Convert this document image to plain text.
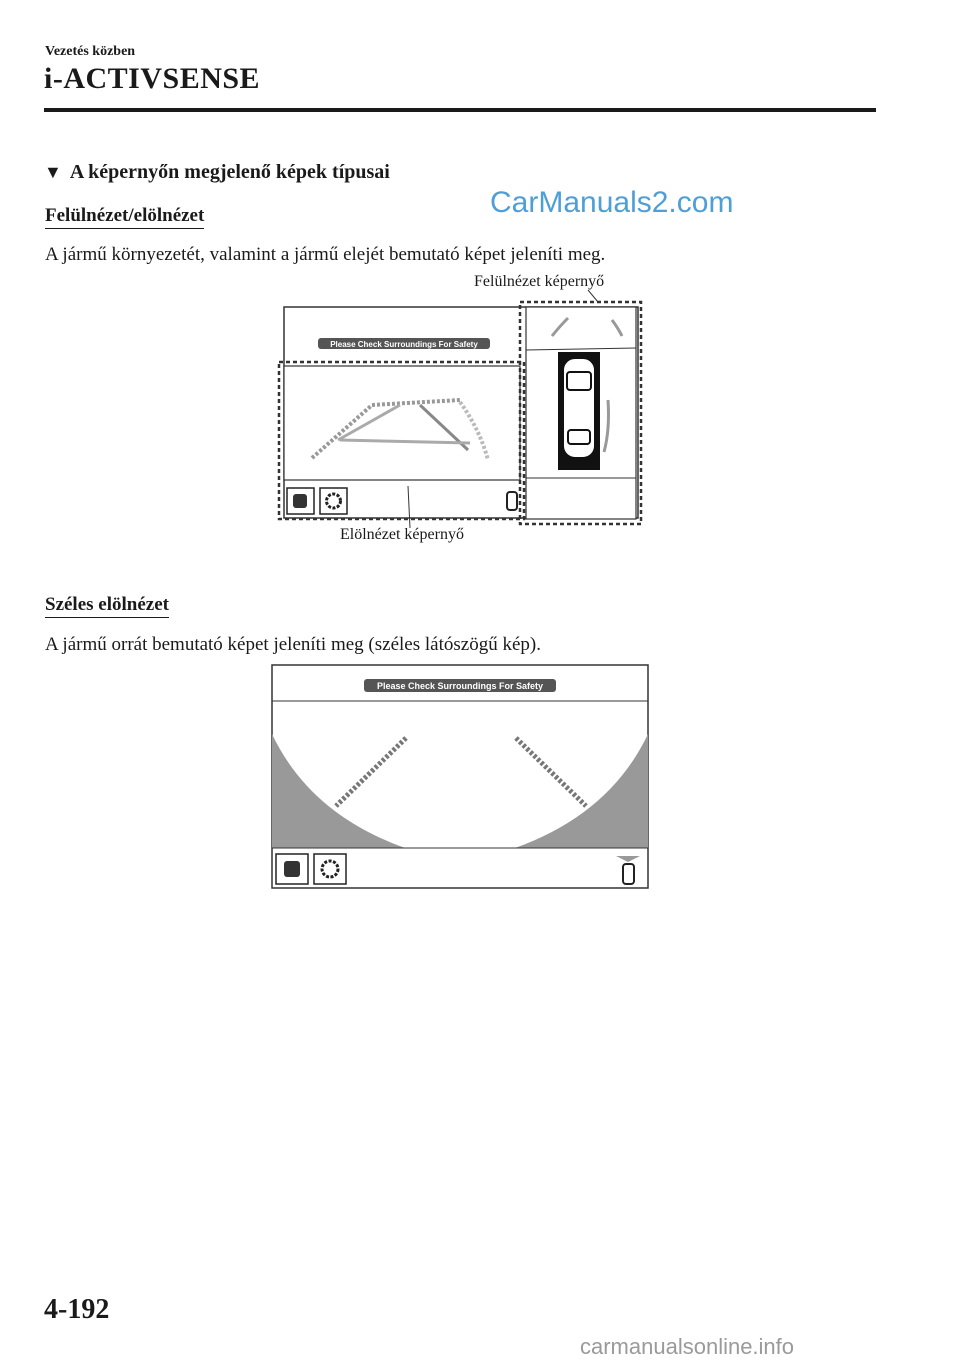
Vezetés közben
i-ACTIVSENSE
▼ A képernyőn megjelenő képek típusai
CarManuals2.com
Felülnézet/elölnézet
A jármű környezetét, valamint a jármű elejét bemutató képet jeleníti meg.
Felülnézet képernyő
Elölnézet képernyő
Please Check Surroundings For Safety
Széles elölnézet
A jármű orrát bemutató képet jeleníti meg (széles látószögű kép).
Please Check Surroundings For Safety
4-192
carmanualsonline.info
